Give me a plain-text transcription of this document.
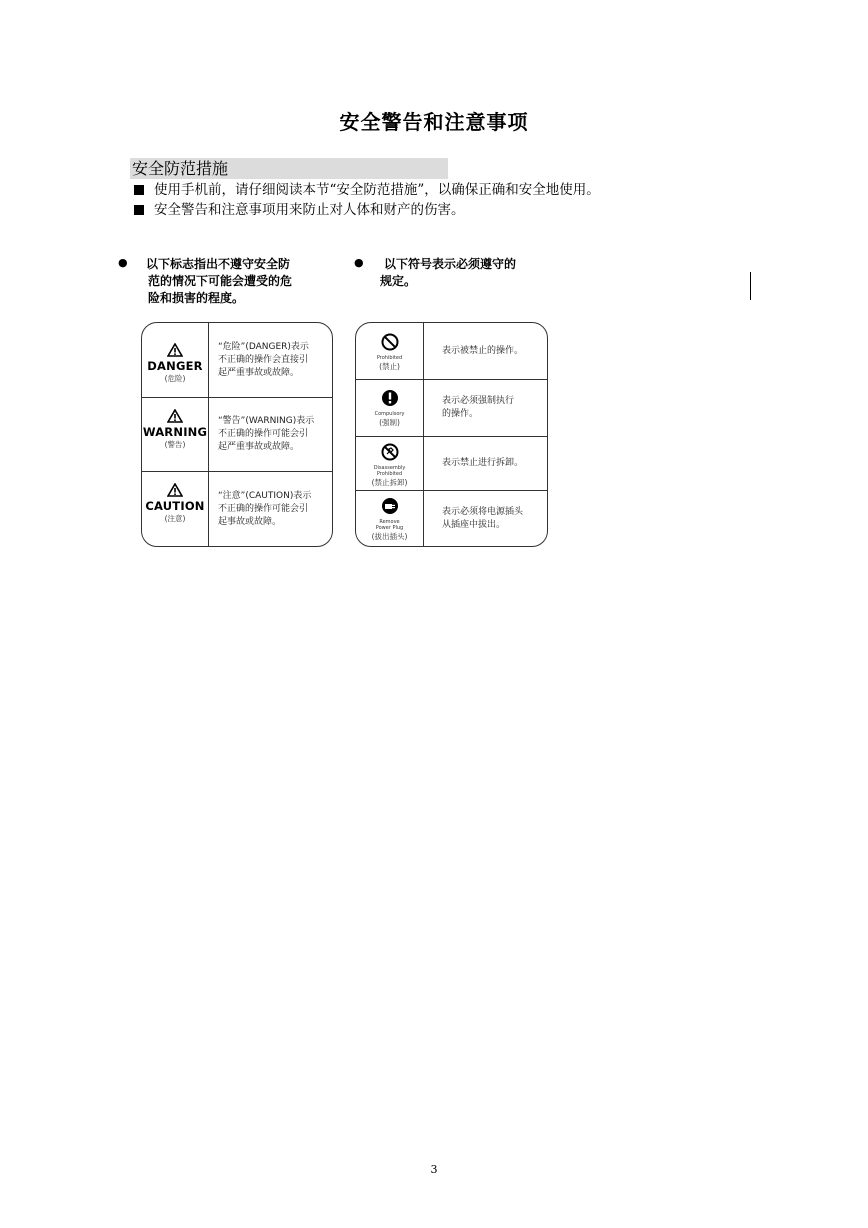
安全警告和注意事项
安全防范措施
使用手机前，请仔细阅读本节“安全防范措施”，以确保正确和安全地使用。
安全警告和注意事项用来防止对人体和财产的伤害。
● 以下标志指出不遵守安全防
范的情况下可能会遭受的危
险和损害的程度。
● 以下符号表示必须遵守的
规定。
DANGER
(危险)
“危险”(DANGER)表示
不正确的操作会直接引
起严重事故或故障。
WARNING
(警告)
“警告”(WARNING)表示
不正确的操作可能会引
起严重事故或故障。
CAUTION
(注意)
“注意”(CAUTION)表示
不正确的操作可能会引
起事故或故障。
Prohibited
(禁止)
表示被禁止的操作。
Compulsory
(强制)
表示必须强制执行
的操作。
Disassembly
Prohibited
(禁止拆卸)
表示禁止进行拆卸。
Remove
Power Plug
(拔出插头)
表示必须将电源插头
从插座中拔出。
3
